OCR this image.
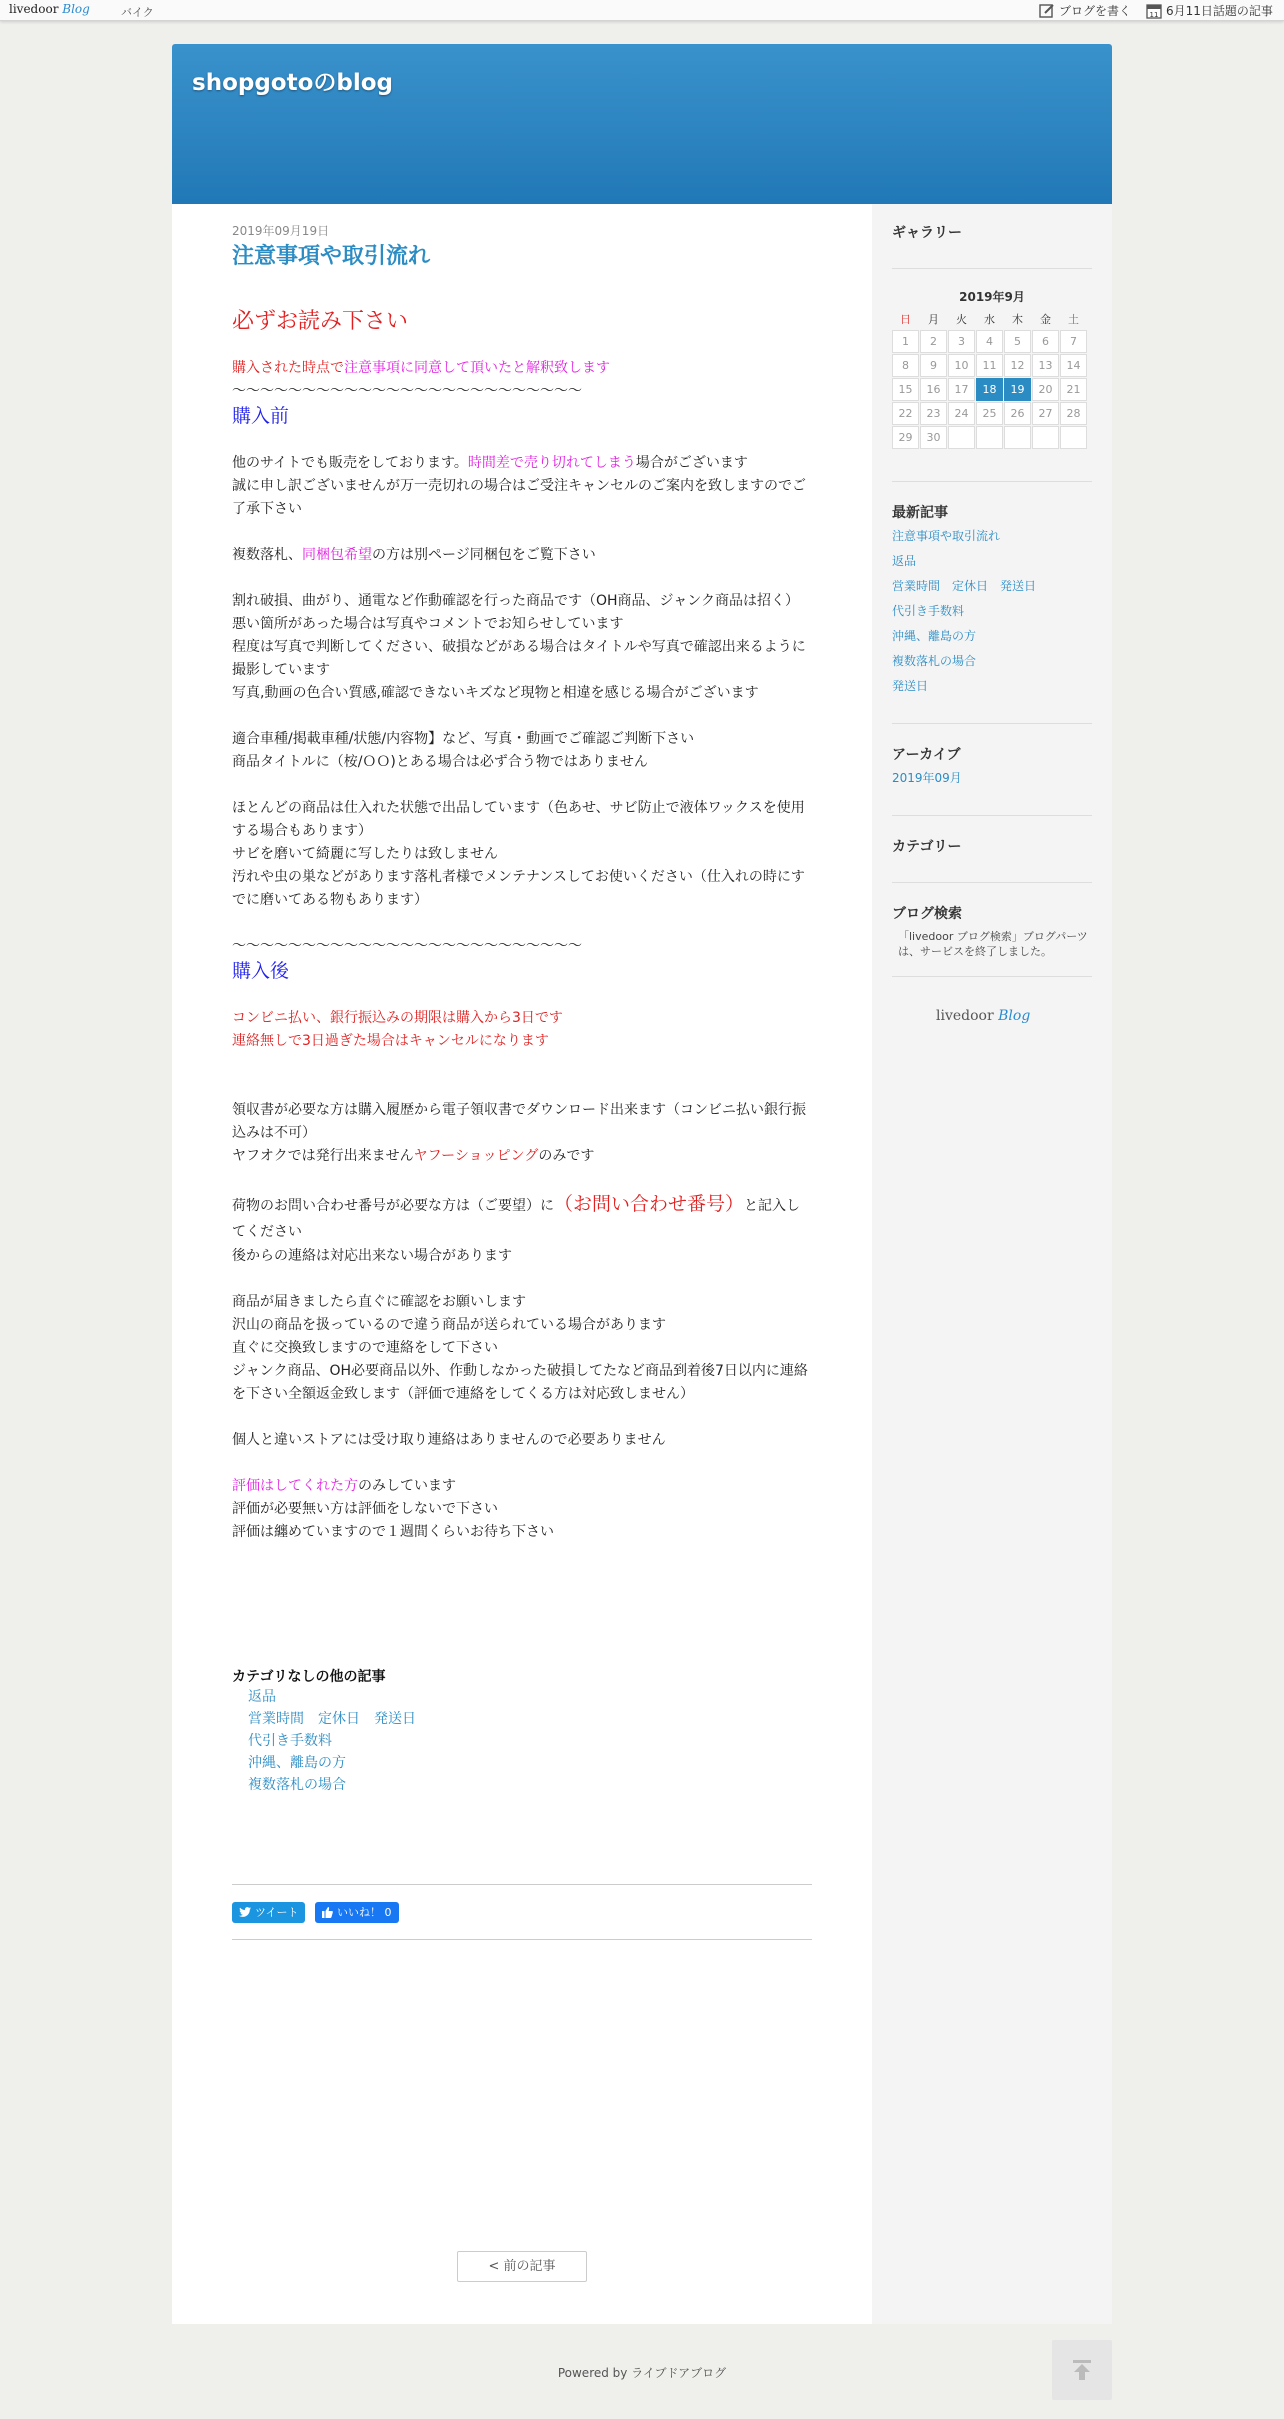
livedoor Blog	バイク	ブログを書く	11 6月11日話題の記事
shopgotoのblog
2019年09月19日
注意事項や取引流れ
必ずお読み下さい
購入された時点で注意事項に同意して頂いたと解釈致します
～～～～～～～～～～～～～～～～～～～～～～～～～
購入前
他のサイトでも販売をしております。時間差で売り切れてしまう場合がございます
誠に申し訳ございませんが万一売切れの場合はご受注キャンセルのご案内を致しますのでご了承下さい
複数落札、同梱包希望の方は別ページ同梱包をご覧下さい
割れ破損、曲がり、通電など作動確認を行った商品です（OH商品、ジャンク商品は招く）
悪い箇所があった場合は写真やコメントでお知らせしています
程度は写真で判断してください、破損などがある場合はタイトルや写真で確認出来るように撮影しています
写真,動画の色合い質感,確認できないキズなど現物と相違を感じる場合がございます
適合車種/掲載車種/状態/内容物】など、写真・動画でご確認ご判断下さい
商品タイトルに（桉/ＯＯ)とある場合は必ず合う物ではありません
ほとんどの商品は仕入れた状態で出品しています（色あせ、サビ防止で液体ワックスを使用する場合もあります）
サビを磨いて綺麗に写したりは致しません
汚れや虫の巣などがあります落札者様でメンテナンスしてお使いください（仕入れの時にすでに磨いてある物もあります）
～～～～～～～～～～～～～～～～～～～～～～～～～
購入後
コンビニ払い、銀行振込みの期限は購入から3日です
連絡無しで3日過ぎた場合はキャンセルになります
領収書が必要な方は購入履歴から電子領収書でダウンロード出来ます（コンビニ払い銀行振込みは不可）
ヤフオクでは発行出来ませんヤフーショッピングのみです
荷物のお問い合わせ番号が必要な方は（ご要望）に（お問い合わせ番号）と記入してください
後からの連絡は対応出来ない場合があります
商品が届きましたら直ぐに確認をお願いします
沢山の商品を扱っているので違う商品が送られている場合があります
直ぐに交換致しますので連絡をして下さい
ジャンク商品、OH必要商品以外、作動しなかった破損してたなど商品到着後7日以内に連絡を下さい全額返金致します（評価で連絡をしてくる方は対応致しません）
個人と違いストアには受け取り連絡はありませんので必要ありません
評価はしてくれた方のみしています
評価が必要無い方は評価をしないで下さい
評価は纏めていますので１週間くらいお待ち下さい
カテゴリなしの他の記事
返品
営業時間　定休日　発送日
代引き手数料
沖縄、離島の方
複数落札の場合
ツイート	いいね！ 0
< 前の記事
ギャラリー
2019年9月
日	月	火	水	木	金	土
1	2	3	4	5	6	7
8	9	10	11	12	13	14
15	16	17	18	19	20	21
22	23	24	25	26	27	28
29	30
最新記事
注意事項や取引流れ
返品
営業時間　定休日　発送日
代引き手数料
沖縄、離島の方
複数落札の場合
発送日
アーカイブ
2019年09月
カテゴリー
ブログ検索
「livedoor ブログ検索」ブログパーツは、サービスを終了しました。
livedoor Blog
Powered by ライブドアブログ
